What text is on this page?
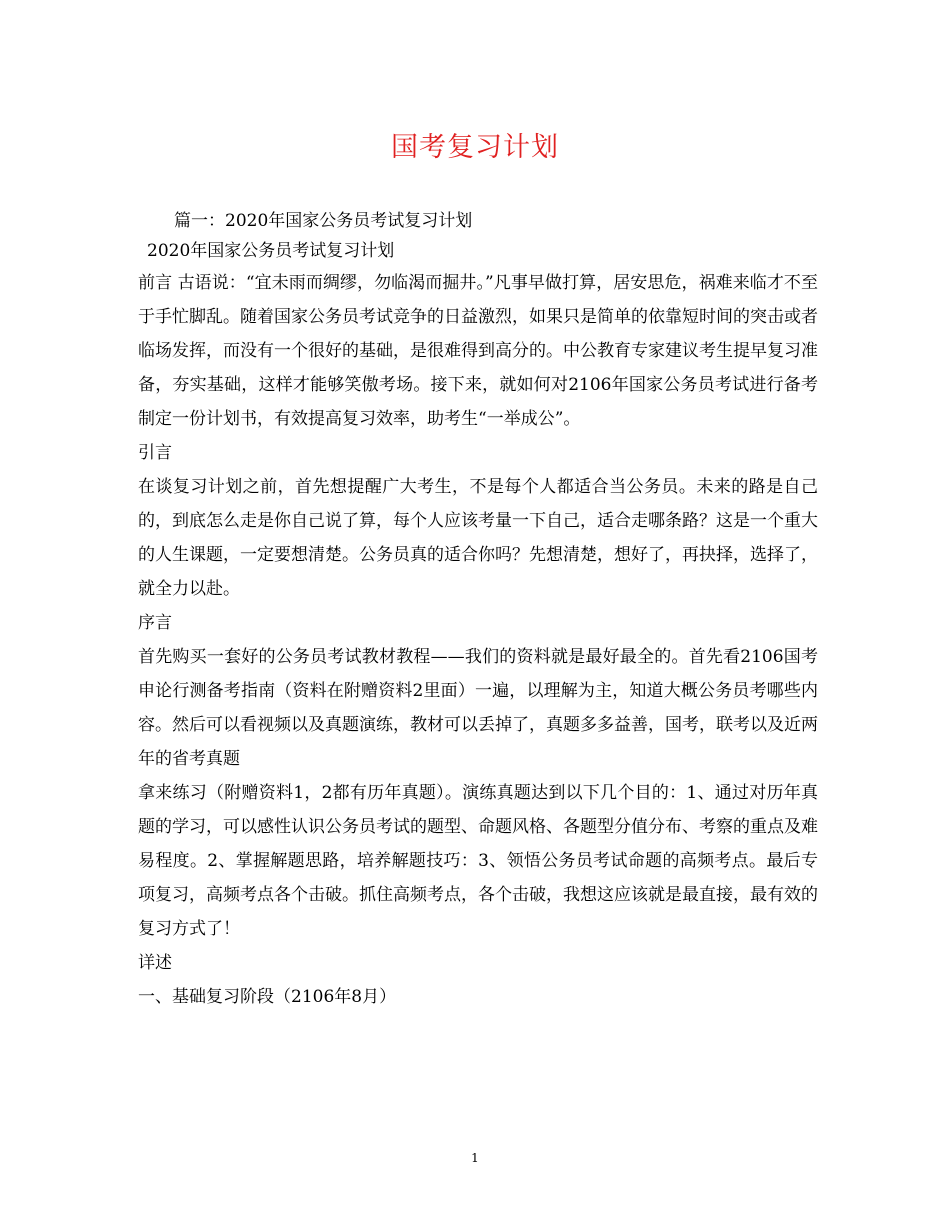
国考复习计划

篇一：2020年国家公务员考试复习计划

2020年国家公务员考试复习计划

前言 古语说：“宜未雨而绸缪，勿临渴而掘井。”凡事早做打算，居安思危，祸难来临才不至于手忙脚乱。随着国家公务员考试竞争的日益激烈，如果只是简单的依靠短时间的突击或者临场发挥，而没有一个很好的基础，是很难得到高分的。中公教育专家建议考生提早复习准备，夯实基础，这样才能够笑傲考场。接下来，就如何对2106年国家公务员考试进行备考制定一份计划书，有效提高复习效率，助考生“一举成公”。

引言

在谈复习计划之前，首先想提醒广大考生，不是每个人都适合当公务员。未来的路是自己的，到底怎么走是你自己说了算，每个人应该考量一下自己，适合走哪条路？这是一个重大的人生课题，一定要想清楚。公务员真的适合你吗？先想清楚，想好了，再抉择，选择了，就全力以赴。

序言

首先购买一套好的公务员考试教材教程——我们的资料就是最好最全的。首先看2106国考申论行测备考指南（资料在附赠资料2里面）一遍，以理解为主，知道大概公务员考哪些内容。然后可以看视频以及真题演练，教材可以丢掉了，真题多多益善，国考，联考以及近两年的省考真题

拿来练习（附赠资料1，2都有历年真题）。演练真题达到以下几个目的：1、通过对历年真题的学习，可以感性认识公务员考试的题型、命题风格、各题型分值分布、考察的重点及难易程度。2、掌握解题思路，培养解题技巧：3、领悟公务员考试命题的高频考点。最后专项复习，高频考点各个击破。抓住高频考点，各个击破，我想这应该就是最直接，最有效的复习方式了！

详述

一、基础复习阶段（2106年8月）

1
